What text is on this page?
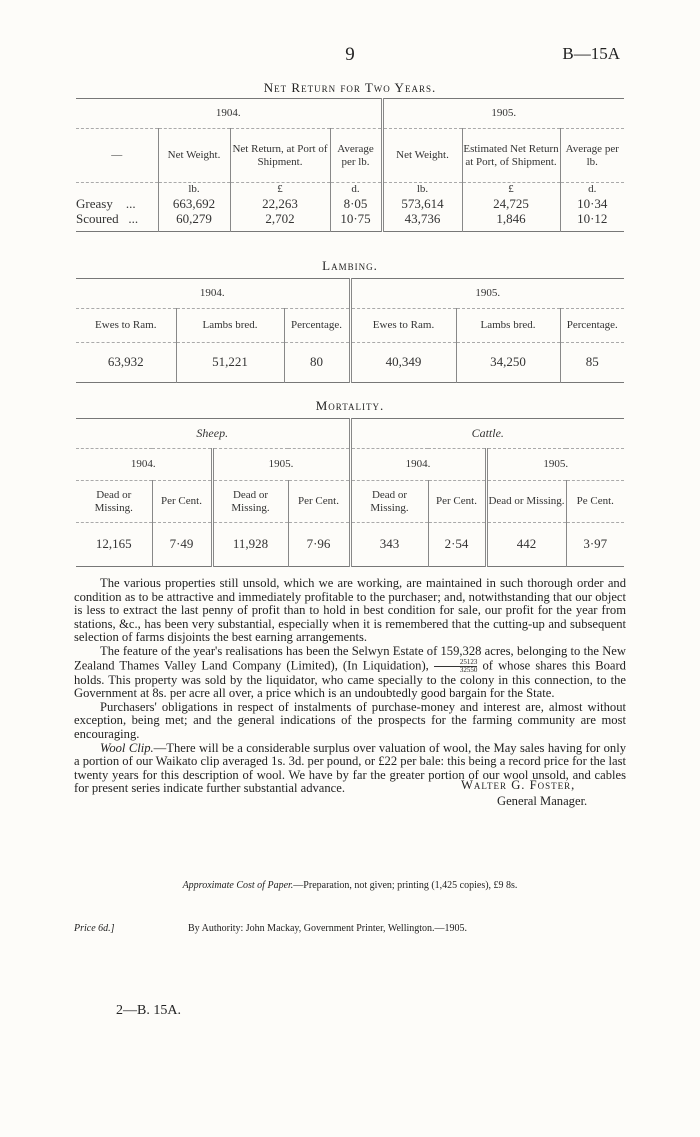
9	B—15A
Net Return for Two Years.
1904.				1905.		
—	Net Weight.	Net Return, at Port of Shipment.	Average per lb.	Net Weight.	Estimated Net Return at Port, of Shipment.	Average per lb.
	lb.	£	d.	lb.	£	d.
Greasy ...	663,692	22,263	8·05	573,614	24,725	10·34
Scoured ...	60,279	2,702	10·75	43,736	1,846	10·12
Lambing.
1904.			1905.		
Ewes to Ram.	Lambs bred.	Percentage.	Ewes to Ram.	Lambs bred.	Percentage.
63,932	51,221	80	40,349	34,250	85
Mortality.
Sheep.				Cattle.			
1904.		1905.		1904.		1905.	
Dead or Missing.	Per Cent.	Dead or Missing.	Per Cent.	Dead or Missing.	Per Cent.	Dead or Missing.	Pe Cent.
12,165	7·49	11,928	7·96	343	2·54	442	3·97

The various properties still unsold, which we are working, are maintained in such thorough order and condition as to be attractive and immediately profitable to the purchaser; and, notwithstanding that our object is less to extract the last penny of profit than to hold in best condition for sale, our profit for the year from stations, &c., has been very substantial, especially when it is remembered that the cutting-up and subsequent selection of farms disjoints the best earning arrangements.

The feature of the year's realisations has been the Selwyn Estate of 159,328 acres, belonging to the New Zealand Thames Valley Land Company (Limited), (In Liquidation), $\frac{25123}{32550}$ of whose shares this Board holds. This property was sold by the liquidator, who came specially to the colony in this connection, to the Government at 8s. per acre all over, a price which is an undoubtedly good bargain for the State.

Purchasers' obligations in respect of instalments of purchase-money and interest are, almost without exception, being met; and the general indications of the prospects for the farming community are most encouraging.

Wool Clip.—There will be a considerable surplus over valuation of wool, the May sales having for only a portion of our Waikato clip averaged 1s. 3d. per pound, or £22 per bale: this being a record price for the last twenty years for this description of wool. We have by far the greater portion of our wool unsold, and cables for present series indicate further substantial advance.	Walter G. Foster,
General Manager.
Approximate Cost of Paper.—Preparation, not given; printing (1,425 copies), £9 8s.
Price 6d.]	By Authority: John Mackay, Government Printer, Wellington.—1905.
2—B. 15A.
